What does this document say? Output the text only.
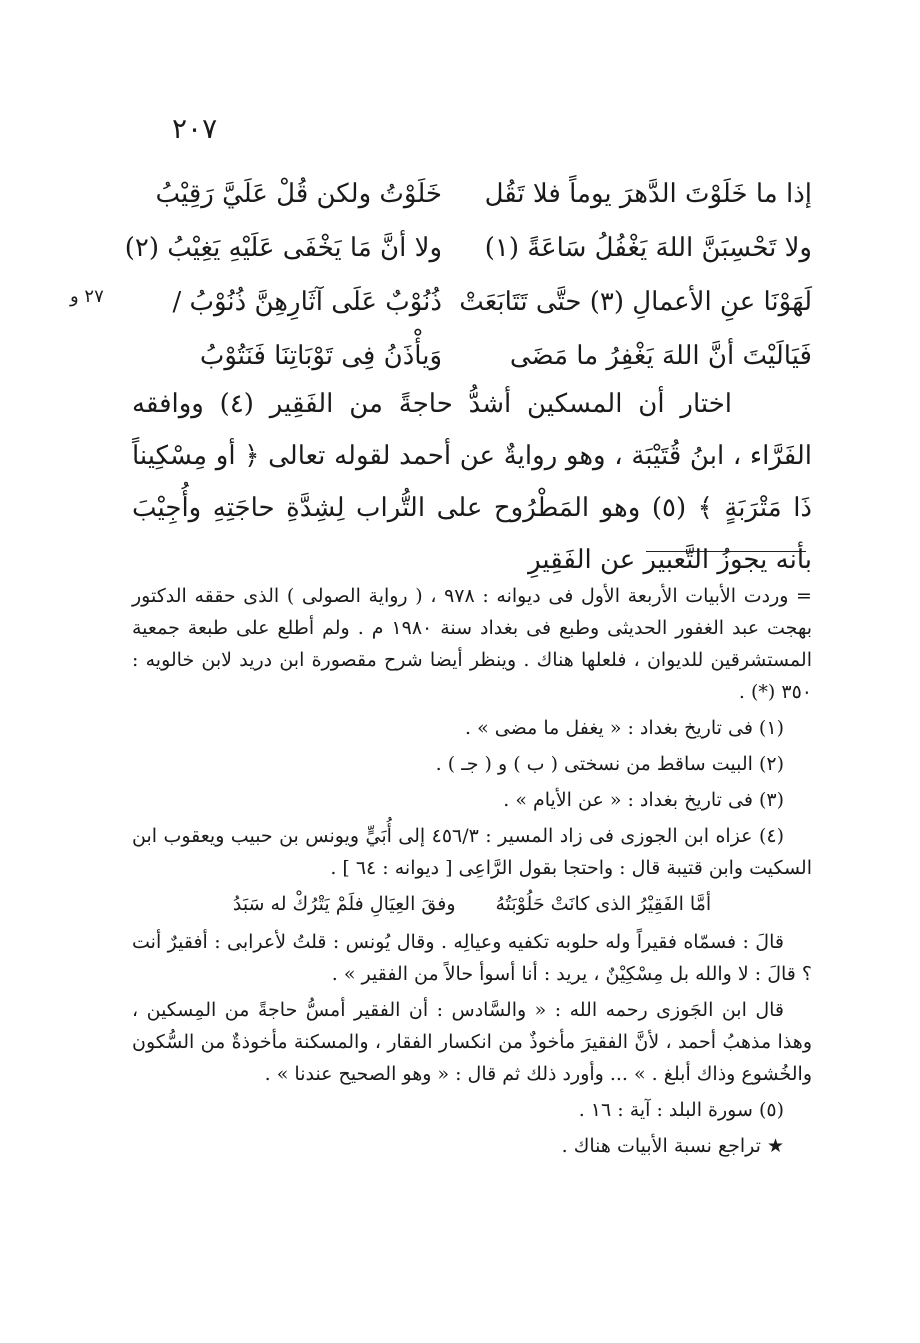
٢٠٧
٢٧ و
إذا ما خَلَوْتَ الدَّهرَ يوماً فلا تَقُل
خَلَوْتُ ولكن قُلْ عَلَيَّ رَقِيْبُ
ولا تَحْسِبَنَّ اللهَ يَغْفُلُ سَاعَةً (١)
ولا أنَّ مَا يَخْفَى عَلَيْهِ يَغِيْبُ (٢)
لَهَوْنَا عنِ الأعمالِ (٣) حتَّى تَتَابَعَتْ
ذُنُوْبٌ عَلَى آثَارِهِنَّ ذُنُوْبُ /
فَيَالَيْتَ أنَّ اللهَ يَغْفِرُ ما مَضَى
وَيأْذَنُ فِى تَوْبَاتِنَا فَنَتُوْبُ

اختار أن المسكين أشدُّ حاجةً من الفَقِير (٤) ووافقه الفَرَّاء ، ابنُ قُتَيْبَة ، وهو روايةٌ عن أحمد لقوله تعالى ﴿ أو مِسْكِيناً ذَا مَتْرَبَةٍ ﴾ (٥) وهو المَطْرُوح على التُّراب لِشِدَّةِ حاجَتِهِ وأُجِيْبَ بأنه يجوزُ التَّعبير عن الفَقِيرِ

= وردت الأبيات الأربعة الأول فى ديوانه : ٩٧٨ ، ( رواية الصولى ) الذى حققه الدكتور بهجت عبد الغفور الحديثى وطبع فى بغداد سنة ١٩٨٠ م . ولم أطلع على طبعة جمعية المستشرقين للديوان ، فلعلها هناك . وينظر أيضا شرح مقصورة ابن دريد لابن خالويه : ٣٥٠ (*) .

(١) فى تاريخ بغداد : « يغفل ما مضى » .

(٢) البيت ساقط من نسختى ( ب ) و ( جـ ) .

(٣) فى تاريخ بغداد : « عن الأيام » .

(٤) عزاه ابن الجوزى فى زاد المسير : ٤٥٦/٣ إلى أُبَيٍّ ويونس بن حبيب ويعقوب ابن السكيت وابن قتيبة قال : واحتجا بقول الرَّاعِى [ ديوانه : ٦٤ ] .

أمَّا الفَقِيْرُ الذى كانَتْ حَلُوْبَتُهُ
وفقَ العِيَالِ فلَمْ يَتْرُكْ له سَبَدُ

قالَ : فسمّاه فقيراً وله حلوبه تكفيه وعيالِه . وقال يُونس : قلتُ لأعرابى : أفقيرٌ أنت ؟ قالَ : لا والله بل مِسْكِيْنٌ ، يريد : أنا أسوأ حالاً من الفقير » .

قال ابن الجَوزى رحمه الله : « والسَّادس : أن الفقير أمسُّ حاجةً من المِسكين ، وهذا مذهبُ أحمد ، لأنَّ الفقيرَ مأخوذٌ من انكسار الفقار ، والمسكنة مأخوذةٌ من السُّكون والخُشوع وذاك أبلغ . » ... وأورد ذلك ثم قال : « وهو الصحيح عندنا » .

(٥) سورة البلد : آية : ١٦ .

★ تراجع نسبة الأبيات هناك .
